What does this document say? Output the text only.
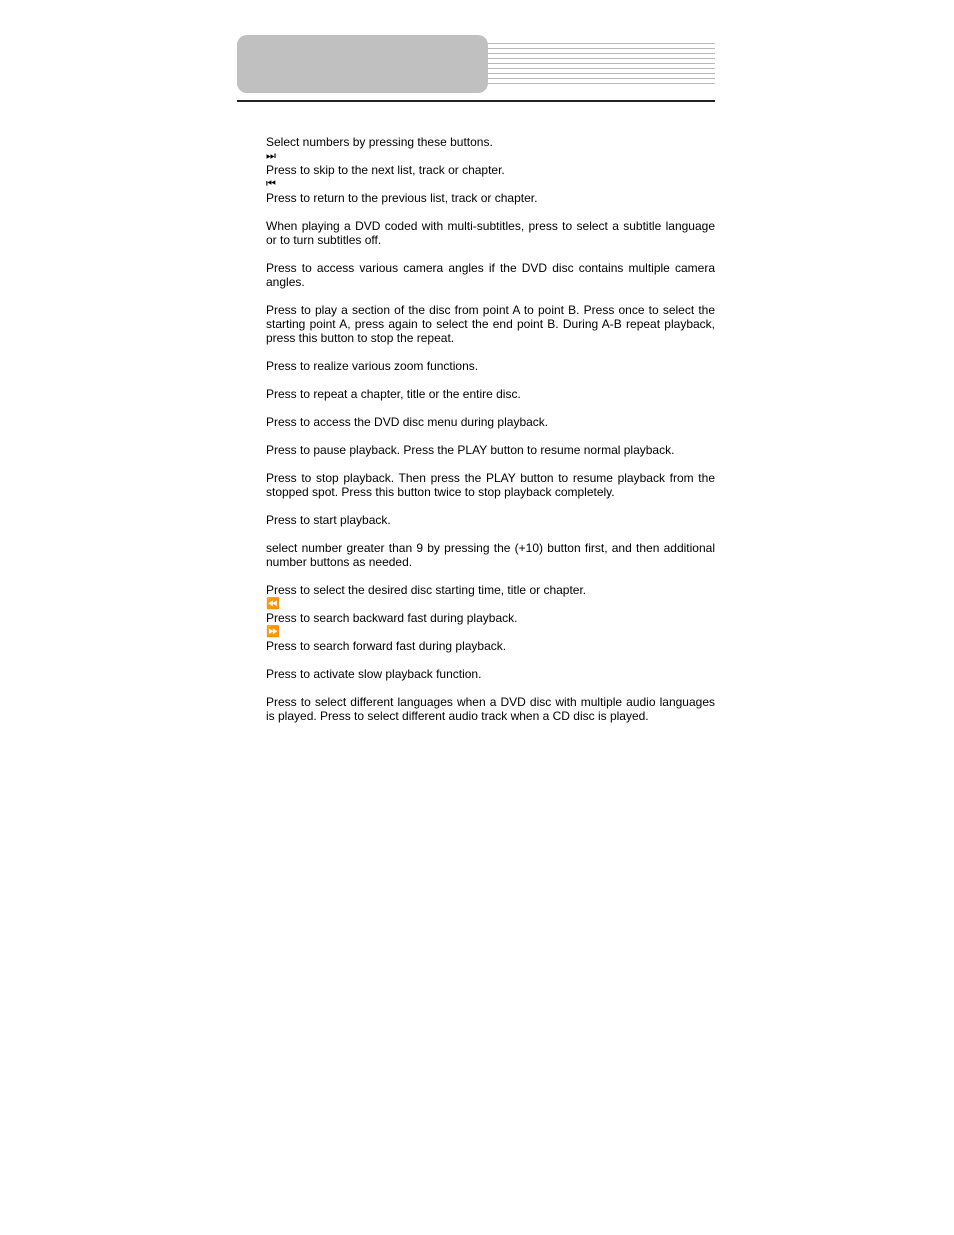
Select numbers by pressing these buttons.

⏭

Press to skip to the next list, track or chapter.

⏮

Press to return to the previous list, track or chapter.

When playing a DVD coded with multi-subtitles, press to select a subtitle language or to turn subtitles off.

Press to access various camera angles if the DVD disc contains multiple camera angles.

Press to play a section of the disc from point A to point B. Press once to select the starting point A, press again to select the end point B. During A-B repeat playback, press this button to stop the repeat.

Press to realize various zoom functions.

Press to repeat a chapter, title or the entire disc.

Press to access the DVD disc menu during playback.

Press to pause playback. Press the PLAY button to resume normal playback.

Press to stop playback. Then press the PLAY button to resume playback from the stopped spot. Press this button twice to stop playback completely.

Press to start playback.

select number greater than 9 by pressing the (+10) button first, and then additional number buttons as needed.

Press to select the desired disc starting time, title or chapter.

⏪

Press to search backward fast during playback.

⏩

Press to search forward fast during playback.

Press to activate slow playback function.

Press to select different languages when a DVD disc with multiple audio languages is played. Press to select different audio track when a CD disc is played.
